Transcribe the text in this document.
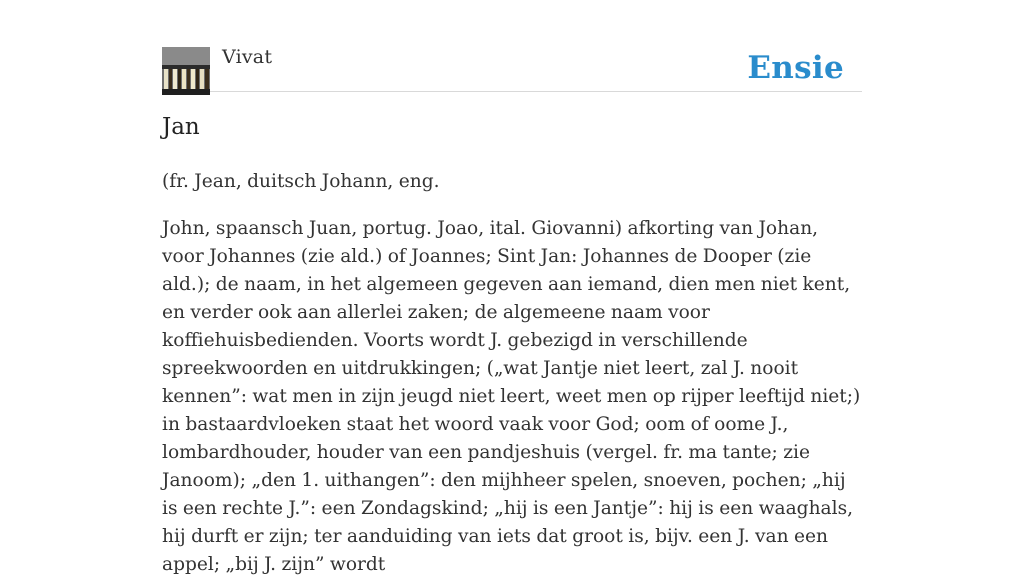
Vivat	Ensie
Jan

(fr. Jean, duitsch Johann, eng.

John, spaansch Juan, portug. Joao, ital. Giovanni) afkorting van Johan, voor Johannes (zie ald.) of Joannes; Sint Jan: Johannes de Dooper (zie ald.); de naam, in het algemeen gegeven aan iemand, dien men niet kent, en verder ook aan allerlei zaken; de algemeene naam voor koffiehuisbedienden. Voorts wordt J. gebezigd in verschillende spreekwoorden en uitdrukkingen; („wat Jantje niet leert, zal J. nooit kennen”: wat men in zijn jeugd niet leert, weet men op rijper leeftijd niet;) in bastaardvloeken staat het woord vaak voor God; oom of oome J., lombardhouder, houder van een pandjeshuis (vergel. fr. ma tante; zie Janoom); „den 1. uithangen”: den mijhheer spelen, snoeven, pochen; „hij is een rechte J.”: een Zondagskind; „hij is een Jantje”: hij is een waaghals, hij durft er zijn; ter aanduiding van iets dat groot is, bijv. een J. van een appel; „bij J. zijn” wordt
